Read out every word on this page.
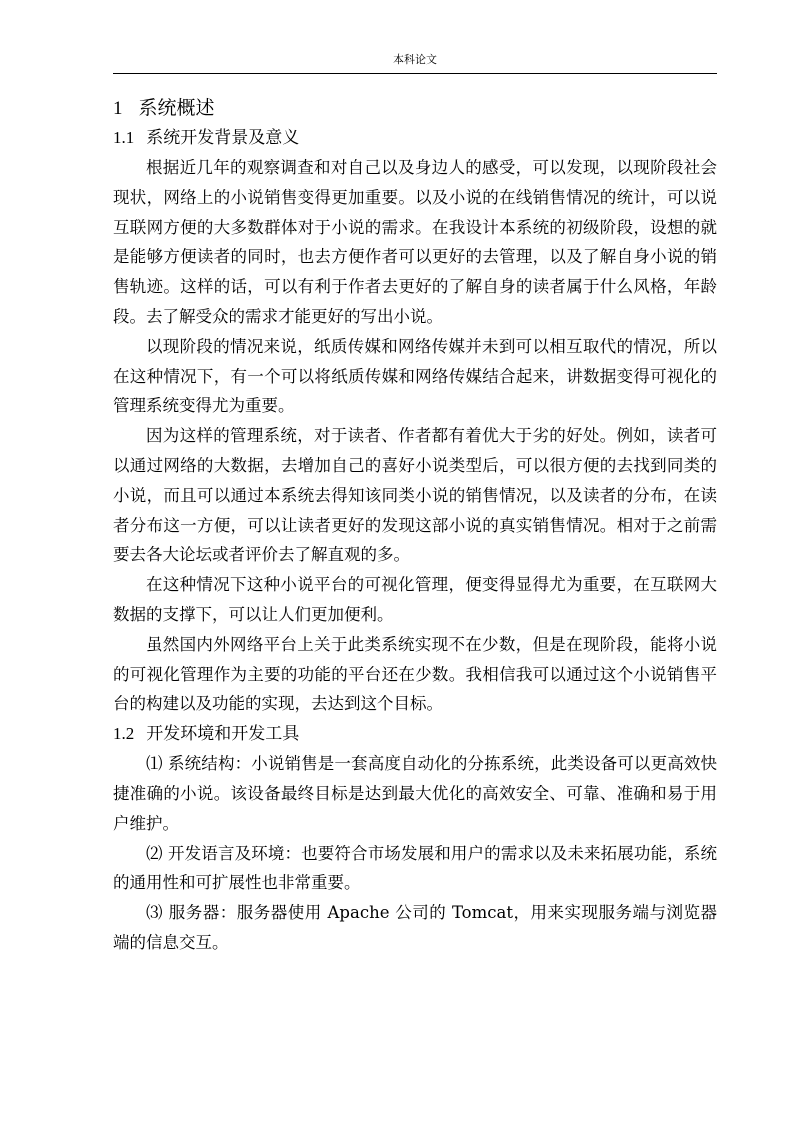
本科论文
1 系统概述
1.1 系统开发背景及意义

根据近几年的观察调查和对自己以及身边人的感受，可以发现，以现阶段社会现状，网络上的小说销售变得更加重要。以及小说的在线销售情况的统计，可以说互联网方便的大多数群体对于小说的需求。在我设计本系统的初级阶段，设想的就是能够方便读者的同时，也去方便作者可以更好的去管理，以及了解自身小说的销售轨迹。这样的话，可以有利于作者去更好的了解自身的读者属于什么风格，年龄段。去了解受众的需求才能更好的写出小说。

以现阶段的情况来说，纸质传媒和网络传媒并未到可以相互取代的情况，所以在这种情况下，有一个可以将纸质传媒和网络传媒结合起来，讲数据变得可视化的管理系统变得尤为重要。

因为这样的管理系统，对于读者、作者都有着优大于劣的好处。例如，读者可以通过网络的大数据，去增加自己的喜好小说类型后，可以很方便的去找到同类的小说，而且可以通过本系统去得知该同类小说的销售情况，以及读者的分布，在读者分布这一方便，可以让读者更好的发现这部小说的真实销售情况。相对于之前需要去各大论坛或者评价去了解直观的多。

在这种情况下这种小说平台的可视化管理，便变得显得尤为重要，在互联网大数据的支撑下，可以让人们更加便利。

虽然国内外网络平台上关于此类系统实现不在少数，但是在现阶段，能将小说的可视化管理作为主要的功能的平台还在少数。我相信我可以通过这个小说销售平台的构建以及功能的实现，去达到这个目标。

1.2 开发环境和开发工具

⑴ 系统结构：小说销售是一套高度自动化的分拣系统，此类设备可以更高效快捷准确的小说。该设备最终目标是达到最大优化的高效安全、可靠、准确和易于用户维护。

⑵ 开发语言及环境：也要符合市场发展和用户的需求以及未来拓展功能，系统的通用性和可扩展性也非常重要。

⑶ 服务器：服务器使用 Apache 公司的 Tomcat，用来实现服务端与浏览器端的信息交互。
